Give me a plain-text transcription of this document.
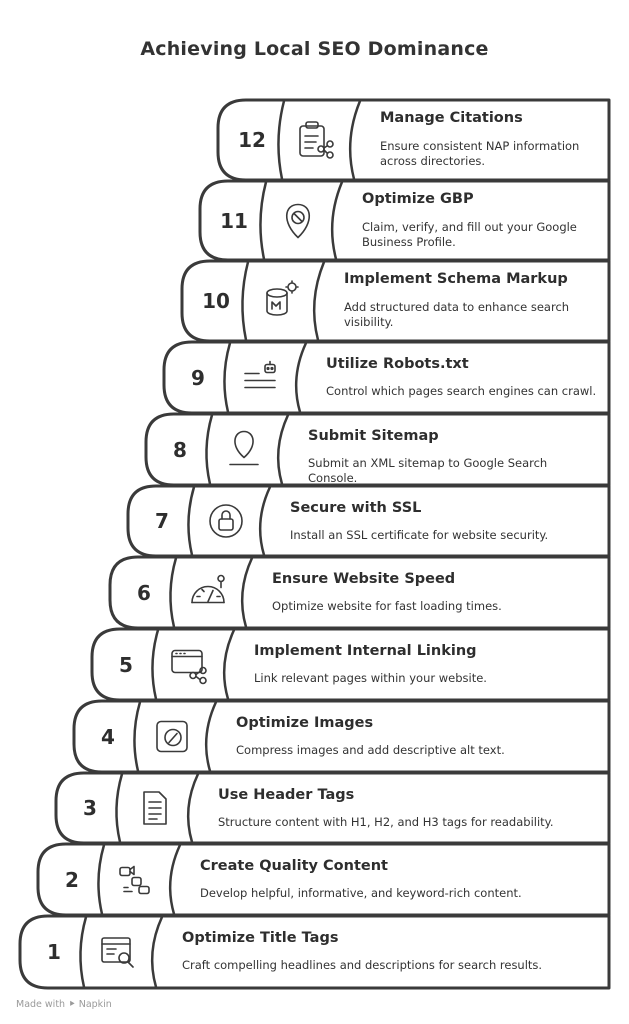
Achieving Local SEO Dominance
1
Optimize Title Tags
Craft compelling headlines and descriptions for search results.
2
Create Quality Content
Develop helpful, informative, and keyword-rich content.
3
Use Header Tags
Structure content with H1, H2, and H3 tags for readability.
4
Optimize Images
Compress images and add descriptive alt text.
5
Implement Internal Linking
Link relevant pages within your website.
6
Ensure Website Speed
Optimize website for fast loading times.
7
Secure with SSL
Install an SSL certificate for website security.
8
Submit Sitemap
Submit an XML sitemap to Google Search Console.
9
Utilize Robots.txt
Control which pages search engines can crawl.
10
Implement Schema Markup
Add structured data to enhance search visibility.
11
Optimize GBP
Claim, verify, and fill out your Google Business Profile.
12
Manage Citations
Ensure consistent NAP information across directories.
Made with ⯈ Napkin
